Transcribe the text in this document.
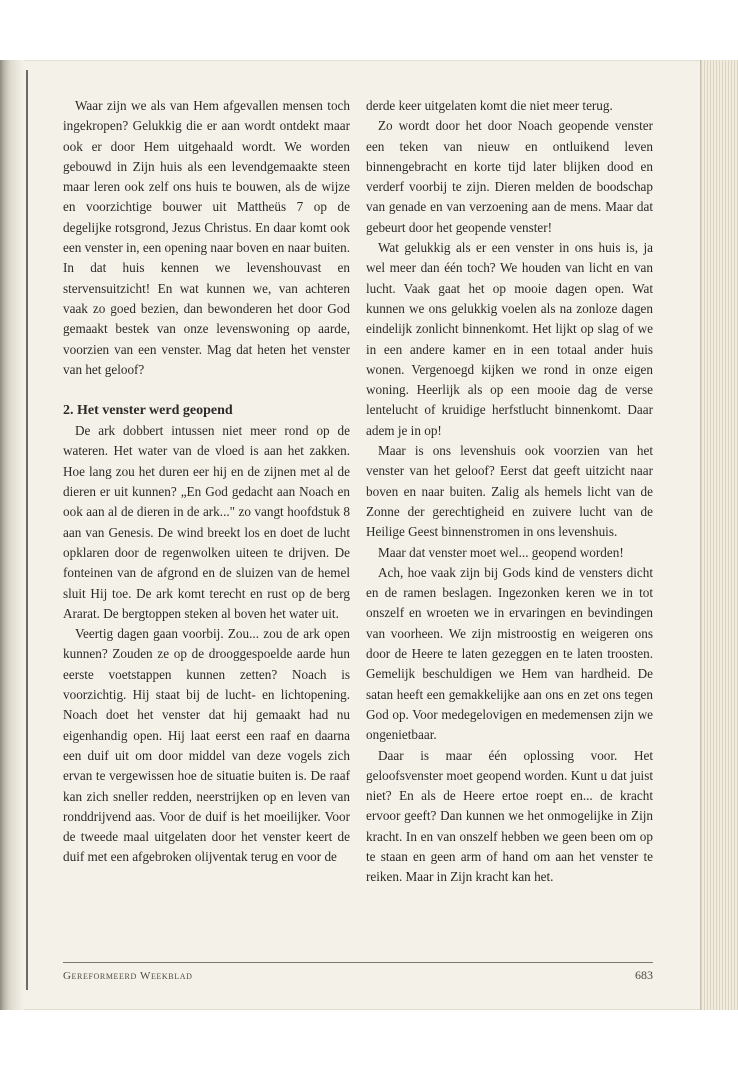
Waar zijn we als van Hem afgevallen mensen toch ingekropen? Gelukkig die er aan wordt ontdekt maar ook er door Hem uitgehaald wordt. We worden gebouwd in Zijn huis als een levendgemaakte steen maar leren ook zelf ons huis te bouwen, als de wijze en voorzichtige bouwer uit Mattheüs 7 op de degelijke rotsgrond, Jezus Christus. En daar komt ook een venster in, een opening naar boven en naar buiten. In dat huis kennen we levenshouvast en stervensuitzicht! En wat kunnen we, van achteren vaak zo goed bezien, dan bewonderen het door God gemaakt bestek van onze levenswoning op aarde, voorzien van een venster. Mag dat heten het venster van het geloof?

2. Het venster werd geopend

De ark dobbert intussen niet meer rond op de wateren. Het water van de vloed is aan het zakken. Hoe lang zou het duren eer hij en de zijnen met al de dieren er uit kunnen? „En God gedacht aan Noach en ook aan al de dieren in de ark..." zo vangt hoofdstuk 8 aan van Genesis. De wind breekt los en doet de lucht opklaren door de regenwolken uiteen te drijven. De fonteinen van de afgrond en de sluizen van de hemel sluit Hij toe. De ark komt terecht en rust op de berg Ararat. De bergtoppen steken al boven het water uit.

Veertig dagen gaan voorbij. Zou... zou de ark open kunnen? Zouden ze op de drooggespoelde aarde hun eerste voetstappen kunnen zetten? Noach is voorzichtig. Hij staat bij de lucht- en lichtopening. Noach doet het venster dat hij gemaakt had nu eigenhandig open. Hij laat eerst een raaf en daarna een duif uit om door middel van deze vogels zich ervan te vergewissen hoe de situatie buiten is. De raaf kan zich sneller redden, neerstrijken op en leven van ronddrijvend aas. Voor de duif is het moeilijker. Voor de tweede maal uitgelaten door het venster keert de duif met een afgebroken olijventak terug en voor de

derde keer uitgelaten komt die niet meer terug.

Zo wordt door het door Noach geopende venster een teken van nieuw en ontluikend leven binnengebracht en korte tijd later blijken dood en verderf voorbij te zijn. Dieren melden de boodschap van genade en van verzoening aan de mens. Maar dat gebeurt door het geopende venster!

Wat gelukkig als er een venster in ons huis is, ja wel meer dan één toch? We houden van licht en van lucht. Vaak gaat het op mooie dagen open. Wat kunnen we ons gelukkig voelen als na zonloze dagen eindelijk zonlicht binnenkomt. Het lijkt op slag of we in een andere kamer en in een totaal ander huis wonen. Vergenoegd kijken we rond in onze eigen woning. Heerlijk als op een mooie dag de verse lentelucht of kruidige herfstlucht binnenkomt. Daar adem je in op!

Maar is ons levenshuis ook voorzien van het venster van het geloof? Eerst dat geeft uitzicht naar boven en naar buiten. Zalig als hemels licht van de Zonne der gerechtigheid en zuivere lucht van de Heilige Geest binnenstromen in ons levenshuis.

Maar dat venster moet wel... geopend worden!

Ach, hoe vaak zijn bij Gods kind de vensters dicht en de ramen beslagen. Ingezonken keren we in tot onszelf en wroeten we in ervaringen en bevindingen van voorheen. We zijn mistroostig en weigeren ons door de Heere te laten gezeggen en te laten troosten. Gemelijk beschuldigen we Hem van hardheid. De satan heeft een gemakkelijke aan ons en zet ons tegen God op. Voor medegelovigen en medemensen zijn we ongenietbaar.

Daar is maar één oplossing voor. Het geloofsvenster moet geopend worden. Kunt u dat juist niet? En als de Heere ertoe roept en... de kracht ervoor geeft? Dan kunnen we het onmogelijke in Zijn kracht. In en van onszelf hebben we geen been om op te staan en geen arm of hand om aan het venster te reiken. Maar in Zijn kracht kan het.

Gereformeerd Weekblad	683
